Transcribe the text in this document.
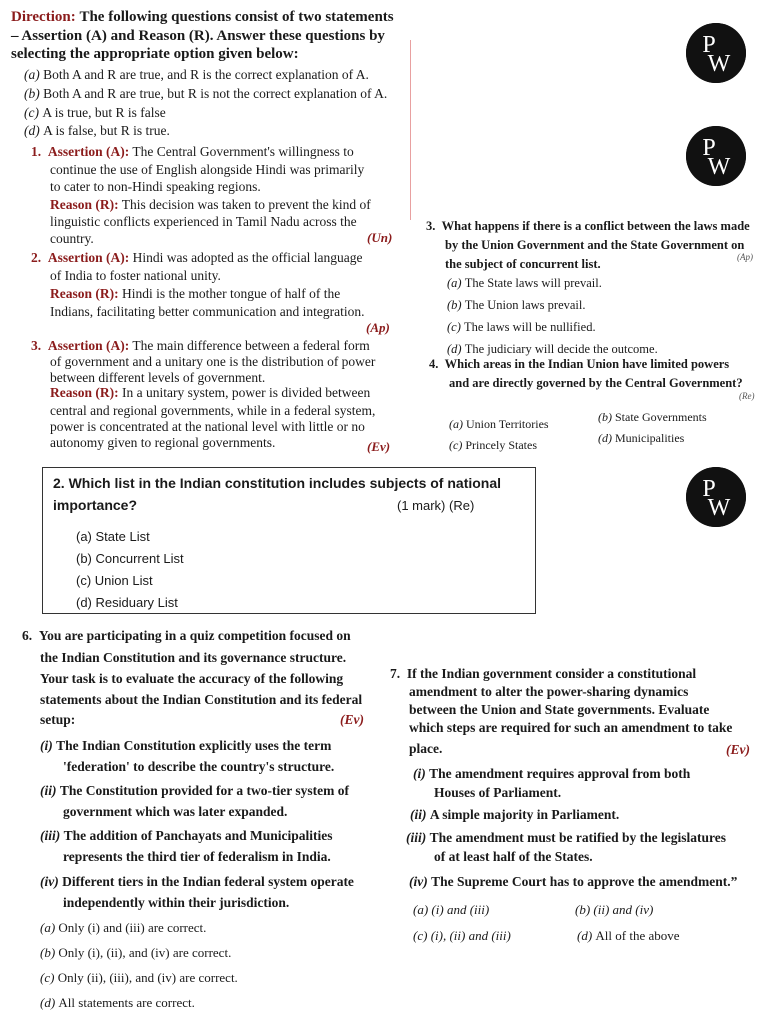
Direction: The following questions consist of two statements
– Assertion (A) and Reason (R). Answer these questions by
selecting the appropriate option given below:
(a) Both A and R are true, and R is the correct explanation of A.
(b) Both A and R are true, but R is not the correct explanation of A.
(c) A is true, but R is false
(d) A is false, but R is true.
1. Assertion (A): The Central Government's willingness to
continue the use of English alongside Hindi was primarily
to cater to non-Hindi speaking regions.
Reason (R): This decision was taken to prevent the kind of
linguistic conflicts experienced in Tamil Nadu across the
country.	(Un)
2. Assertion (A): Hindi was adopted as the official language
of India to foster national unity.
Reason (R): Hindi is the mother tongue of half of the
Indians, facilitating better communication and integration.
(Ap)
3. Assertion (A): The main difference between a federal form
of government and a unitary one is the distribution of power
between different levels of government.
Reason (R): In a unitary system, power is divided between
central and regional governments, while in a federal system,
power is concentrated at the national level with little or no
autonomy given to regional governments.	(Ev)
3. What happens if there is a conflict between the laws made
by the Union Government and the State Government on
the subject of concurrent list.	(Ap)
(a) The State laws will prevail.
(b) The Union laws prevail.
(c) The laws will be nullified.
(d) The judiciary will decide the outcome.
4. Which areas in the Indian Union have limited powers
and are directly governed by the Central Government?
(Re)
(a) Union Territories	(b) State Governments
(c) Princely States	(d) Municipalities
2. Which list in the Indian constitution includes subjects of national
importance?	(1 mark) (Re)
(a) State List
(b) Concurrent List
(c) Union List
(d) Residuary List
6. You are participating in a quiz competition focused on
the Indian Constitution and its governance structure.
Your task is to evaluate the accuracy of the following
statements about the Indian Constitution and its federal
setup:	(Ev)
(i) The Indian Constitution explicitly uses the term
'federation' to describe the country's structure.
(ii) The Constitution provided for a two-tier system of
government which was later expanded.
(iii) The addition of Panchayats and Municipalities
represents the third tier of federalism in India.
(iv) Different tiers in the Indian federal system operate
independently within their jurisdiction.
(a) Only (i) and (iii) are correct.
(b) Only (i), (ii), and (iv) are correct.
(c) Only (ii), (iii), and (iv) are correct.
(d) All statements are correct.
7. If the Indian government consider a constitutional
amendment to alter the power-sharing dynamics
between the Union and State governments. Evaluate
which steps are required for such an amendment to take
place.	(Ev)
(i) The amendment requires approval from both
Houses of Parliament.
(ii) A simple majority in Parliament.
(iii) The amendment must be ratified by the legislatures
of at least half of the States.
(iv) The Supreme Court has to approve the amendment.”
(a) (i) and (iii)	(b) (ii) and (iv)
(c) (i), (ii) and (iii)	(d) All of the above
P
W
P
W
P
W
